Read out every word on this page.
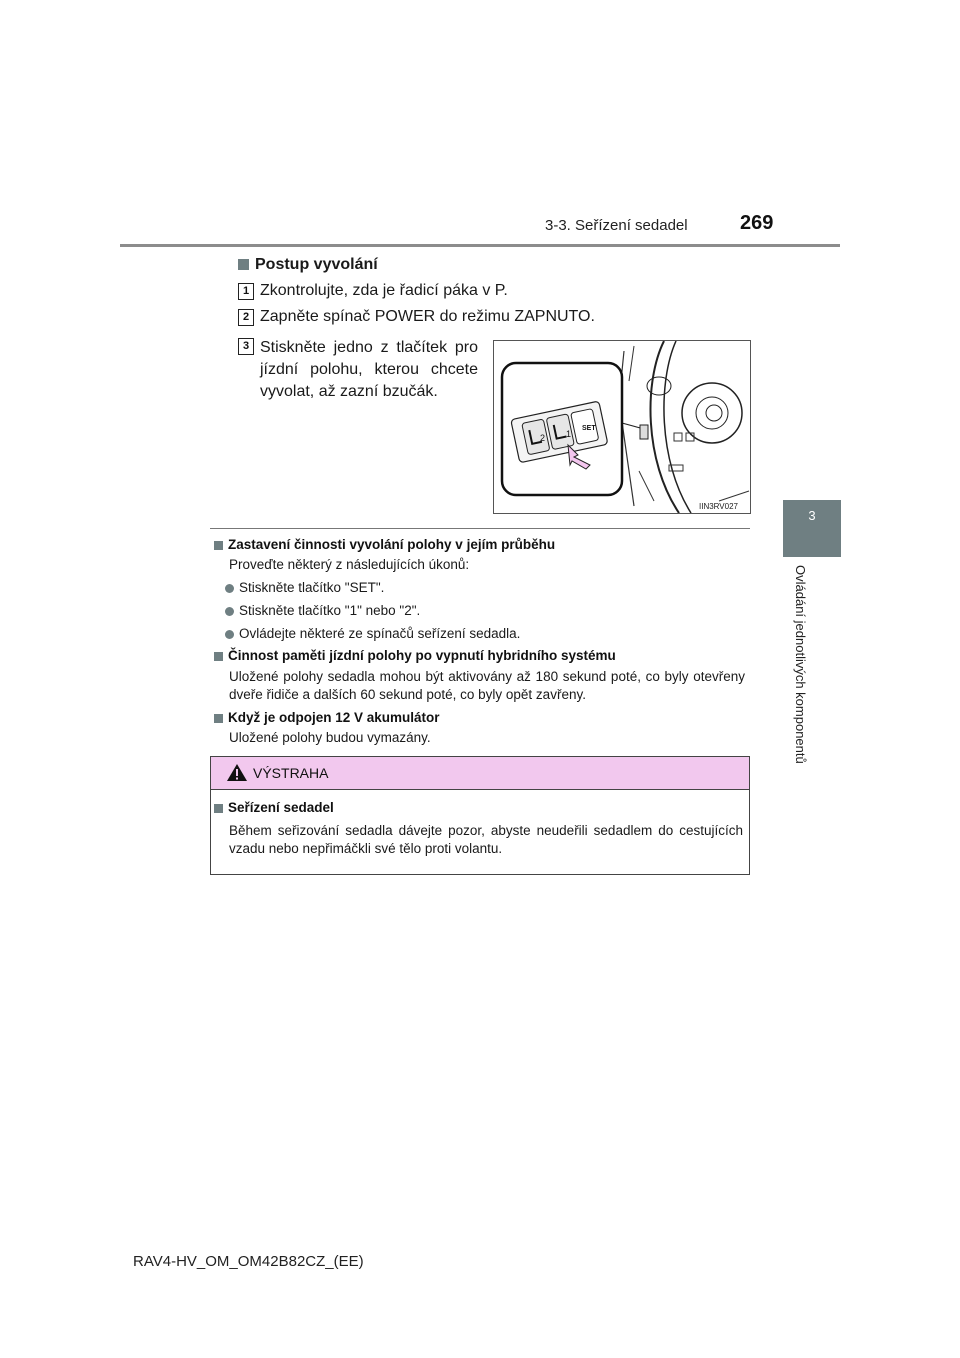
3-3. Seřízení sedadel	269
3
Ovládání jednotlivých komponentů
Postup vyvolání
1 Zkontrolujte, zda je řadicí páka v P.
2 Zapněte spínač POWER do režimu ZAPNUTO.
3 Stiskněte jedno z tlačítek pro jízdní polohu, kterou chcete vyvolat, až zazní bzučák.
2 1
SET
IIN3RV027
Zastavení činnosti vyvolání polohy v jejím průběhu
Proveďte některý z následujících úkonů:
Stiskněte tlačítko "SET".
Stiskněte tlačítko "1" nebo "2".
Ovládejte některé ze spínačů seřízení sedadla.
Činnost paměti jízdní polohy po vypnutí hybridního systému
Uložené polohy sedadla mohou být aktivovány až 180 sekund poté, co byly otevřeny dveře řidiče a dalších 60 sekund poté, co byly opět zavřeny.
Když je odpojen 12 V akumulátor
Uložené polohy budou vymazány.
VÝSTRAHA
Seřízení sedadel
Během seřizování sedadla dávejte pozor, abyste neudeřili sedadlem do cestujících vzadu nebo nepřimáčkli své tělo proti volantu.
RAV4-HV_OM_OM42B82CZ_(EE)
